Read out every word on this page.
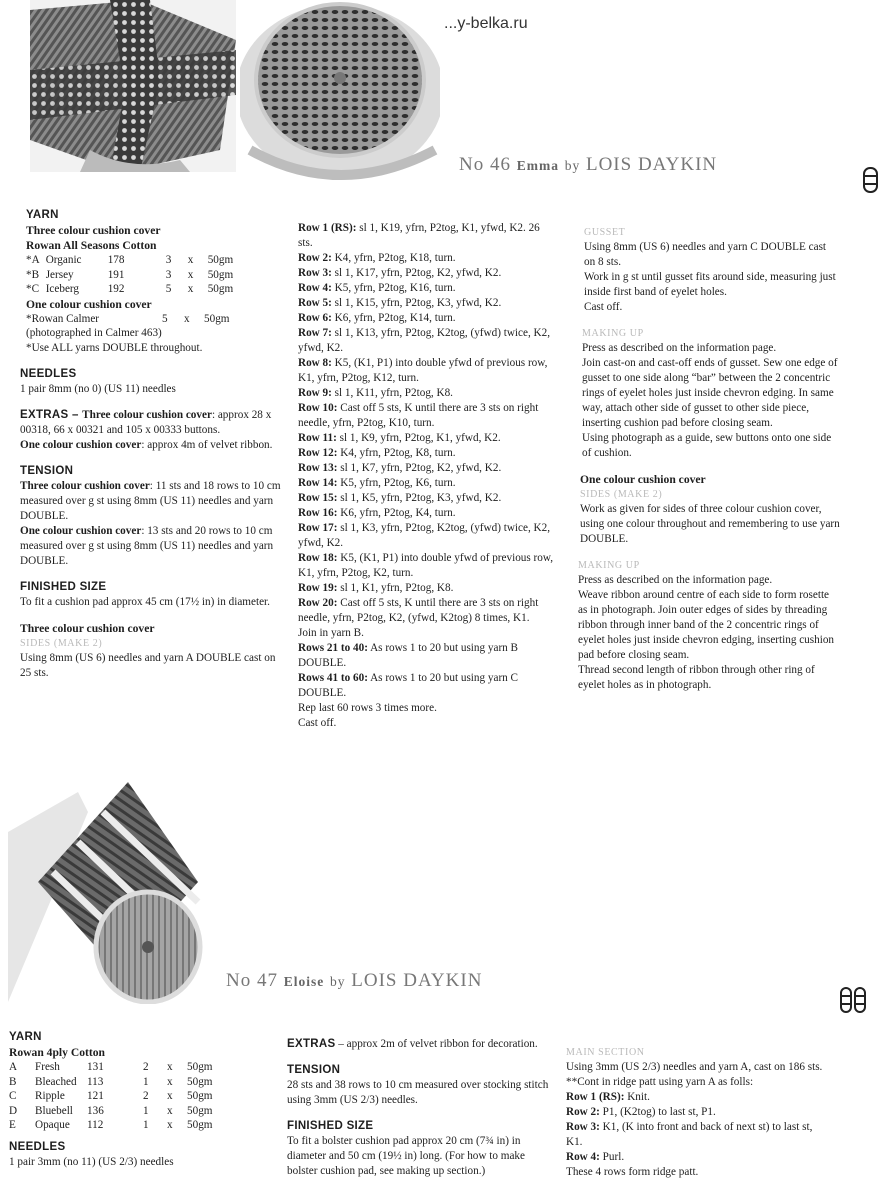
...y-belka.ru
No 46 Emma by LOIS DAYKIN

YARN

Three colour cushion cover

Rowan All Seasons Cotton

*A	Organic	178	3	x	50gm
*B	Jersey	191	3	x	50gm
*C	Iceberg	192	5	x	50gm

One colour cushion cover

*Rowan Calmer	5	x	50gm

(photographed in Calmer 463)

*Use ALL yarns DOUBLE throughout.

NEEDLES

1 pair 8mm (no 0) (US 11) needles

EXTRAS – Three colour cushion cover: approx 28 x 00318, 66 x 00321 and 105 x 00333 buttons.

One colour cushion cover: approx 4m of velvet ribbon.

TENSION

Three colour cushion cover: 11 sts and 18 rows to 10 cm measured over g st using 8mm (US 11) needles and yarn DOUBLE.

One colour cushion cover: 13 sts and 20 rows to 10 cm measured over g st using 8mm (US 11) needles and yarn DOUBLE.

FINISHED SIZE

To fit a cushion pad approx 45 cm (17½ in) in diameter.

Three colour cushion cover

SIDES (MAKE 2)

Using 8mm (US 6) needles and yarn A DOUBLE cast on 25 sts.

Row 1 (RS): sl 1, K19, yfrn, P2tog, K1, yfwd, K2. 26 sts.

Row 2: K4, yfrn, P2tog, K18, turn.

Row 3: sl 1, K17, yfrn, P2tog, K2, yfwd, K2.

Row 4: K5, yfrn, P2tog, K16, turn.

Row 5: sl 1, K15, yfrn, P2tog, K3, yfwd, K2.

Row 6: K6, yfrn, P2tog, K14, turn.

Row 7: sl 1, K13, yfrn, P2tog, K2tog, (yfwd) twice, K2, yfwd, K2.

Row 8: K5, (K1, P1) into double yfwd of previous row, K1, yfrn, P2tog, K12, turn.

Row 9: sl 1, K11, yfrn, P2tog, K8.

Row 10: Cast off 5 sts, K until there are 3 sts on right needle, yfrn, P2tog, K10, turn.

Row 11: sl 1, K9, yfrn, P2tog, K1, yfwd, K2.

Row 12: K4, yfrn, P2tog, K8, turn.

Row 13: sl 1, K7, yfrn, P2tog, K2, yfwd, K2.

Row 14: K5, yfrn, P2tog, K6, turn.

Row 15: sl 1, K5, yfrn, P2tog, K3, yfwd, K2.

Row 16: K6, yfrn, P2tog, K4, turn.

Row 17: sl 1, K3, yfrn, P2tog, K2tog, (yfwd) twice, K2, yfwd, K2.

Row 18: K5, (K1, P1) into double yfwd of previous row, K1, yfrn, P2tog, K2, turn.

Row 19: sl 1, K1, yfrn, P2tog, K8.

Row 20: Cast off 5 sts, K until there are 3 sts on right needle, yfrn, P2tog, K2, (yfwd, K2tog) 8 times, K1.

Join in yarn B.

Rows 21 to 40: As rows 1 to 20 but using yarn B DOUBLE.

Rows 41 to 60: As rows 1 to 20 but using yarn C DOUBLE.

Rep last 60 rows 3 times more.

Cast off.

GUSSET

Using 8mm (US 6) needles and yarn C DOUBLE cast on 8 sts.

Work in g st until gusset fits around side, measuring just inside first band of eyelet holes.

Cast off.

MAKING UP

Press as described on the information page.

Join cast-on and cast-off ends of gusset. Sew one edge of gusset to one side along “bar” between the 2 concentric rings of eyelet holes just inside chevron edging. In same way, attach other side of gusset to other side piece, inserting cushion pad before closing seam.

Using photograph as a guide, sew buttons onto one side of cushion.

One colour cushion cover

SIDES (MAKE 2)

Work as given for sides of three colour cushion cover, using one colour throughout and remembering to use yarn DOUBLE.

MAKING UP

Press as described on the information page.

Weave ribbon around centre of each side to form rosette as in photograph. Join outer edges of sides by threading ribbon through inner band of the 2 concentric rings of eyelet holes just inside chevron edging, inserting cushion pad before closing seam.

Thread second length of ribbon through other ring of eyelet holes as in photograph.

No 47 Eloise by LOIS DAYKIN

YARN

Rowan 4ply Cotton

A	Fresh	131	2	x	50gm
B	Bleached	113	1	x	50gm
C	Ripple	121	2	x	50gm
D	Bluebell	136	1	x	50gm
E	Opaque	112	1	x	50gm

NEEDLES

1 pair 3mm (no 11) (US 2/3) needles

EXTRAS – approx 2m of velvet ribbon for decoration.

TENSION

28 sts and 38 rows to 10 cm measured over stocking stitch using 3mm (US 2/3) needles.

FINISHED SIZE

To fit a bolster cushion pad approx 20 cm (7¾ in) in diameter and 50 cm (19½ in) long. (For how to make bolster cushion pad, see making up section.)

MAIN SECTION

Using 3mm (US 2/3) needles and yarn A, cast on 186 sts.

**Cont in ridge patt using yarn A as folls:

Row 1 (RS): Knit.

Row 2: P1, (K2tog) to last st, P1.

Row 3: K1, (K into front and back of next st) to last st, K1.

Row 4: Purl.

These 4 rows form ridge patt.
